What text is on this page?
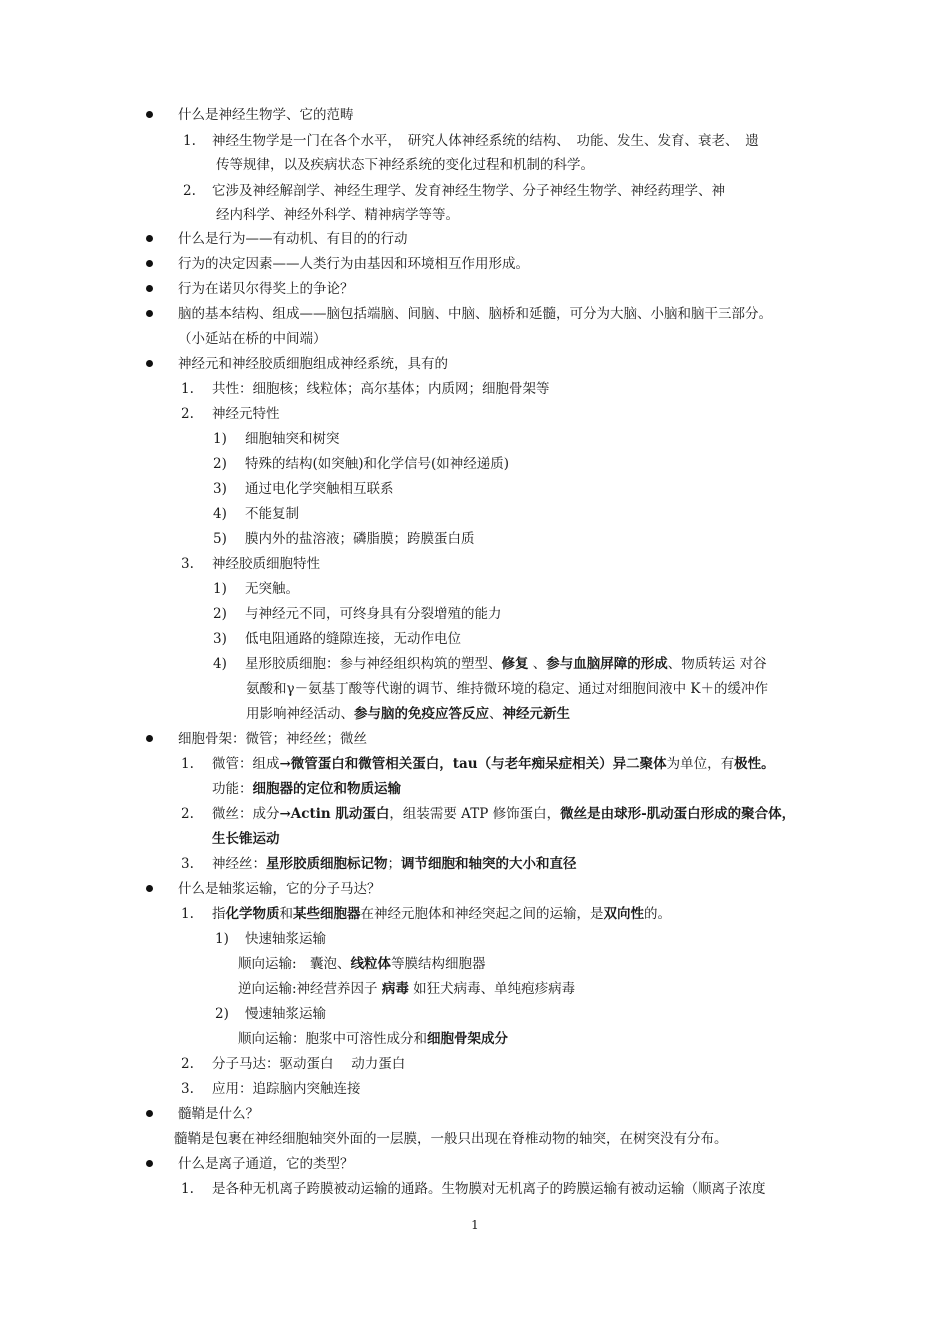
什么是神经生物学、它的范畴
1. 神经生物学是一门在各个水平，　研究人体神经系统的结构、　功能、发生、发育、衰老、　遗
传等规律，以及疾病状态下神经系统的变化过程和机制的科学。
2. 它涉及神经解剖学、神经生理学、发育神经生物学、分子神经生物学、神经药理学、神
经内科学、神经外科学、精神病学等等。
什么是行为——有动机、有目的的行动
行为的决定因素——人类行为由基因和环境相互作用形成。
行为在诺贝尔得奖上的争论？
脑的基本结构、组成——脑包括端脑、间脑、中脑、脑桥和延髓，可分为大脑、小脑和脑干三部分。
（小延站在桥的中间端）
神经元和神经胶质细胞组成神经系统，具有的
1. 共性：细胞核；线粒体；高尔基体；内质网；细胞骨架等
2. 神经元特性
1) 细胞轴突和树突
2) 特殊的结构(如突触)和化学信号(如神经递质)
3) 通过电化学突触相互联系
4) 不能复制
5) 膜内外的盐溶液；磷脂膜；跨膜蛋白质
3. 神经胶质细胞特性
1) 无突触。
2) 与神经元不同，可终身具有分裂增殖的能力
3) 低电阻通路的缝隙连接，无动作电位
4) 星形胶质细胞：参与神经组织构筑的塑型、修复 、参与血脑屏障的形成、物质转运 对谷
氨酸和γ－氨基丁酸等代谢的调节、维持微环境的稳定、通过对细胞间液中 K＋的缓冲作
用影响神经活动、参与脑的免疫应答反应、神经元新生
细胞骨架：微管；神经丝；微丝
1. 微管：组成→微管蛋白和微管相关蛋白，tau（与老年痴呆症相关）异二聚体为单位，有极性。
功能：细胞器的定位和物质运输
2. 微丝：成分→Actin 肌动蛋白，组装需要 ATP 修饰蛋白，微丝是由球形-肌动蛋白形成的聚合体，
生长锥运动
3. 神经丝：星形胶质细胞标记物；调节细胞和轴突的大小和直径
什么是轴浆运输，它的分子马达？
1. 指化学物质和某些细胞器在神经元胞体和神经突起之间的运输，是双向性的。
1) 快速轴浆运输
顺向运输:　囊泡、线粒体等膜结构细胞器
逆向运输:神经营养因子 病毒 如狂犬病毒、单纯疱疹病毒
2) 慢速轴浆运输
顺向运输：胞浆中可溶性成分和细胞骨架成分
2. 分子马达：驱动蛋白　 动力蛋白
3. 应用：追踪脑内突触连接
髓鞘是什么？
髓鞘是包裹在神经细胞轴突外面的一层膜，一般只出现在脊椎动物的轴突，在树突没有分布。
什么是离子通道，它的类型？
1. 是各种无机离子跨膜被动运输的通路。生物膜对无机离子的跨膜运输有被动运输（顺离子浓度
1
